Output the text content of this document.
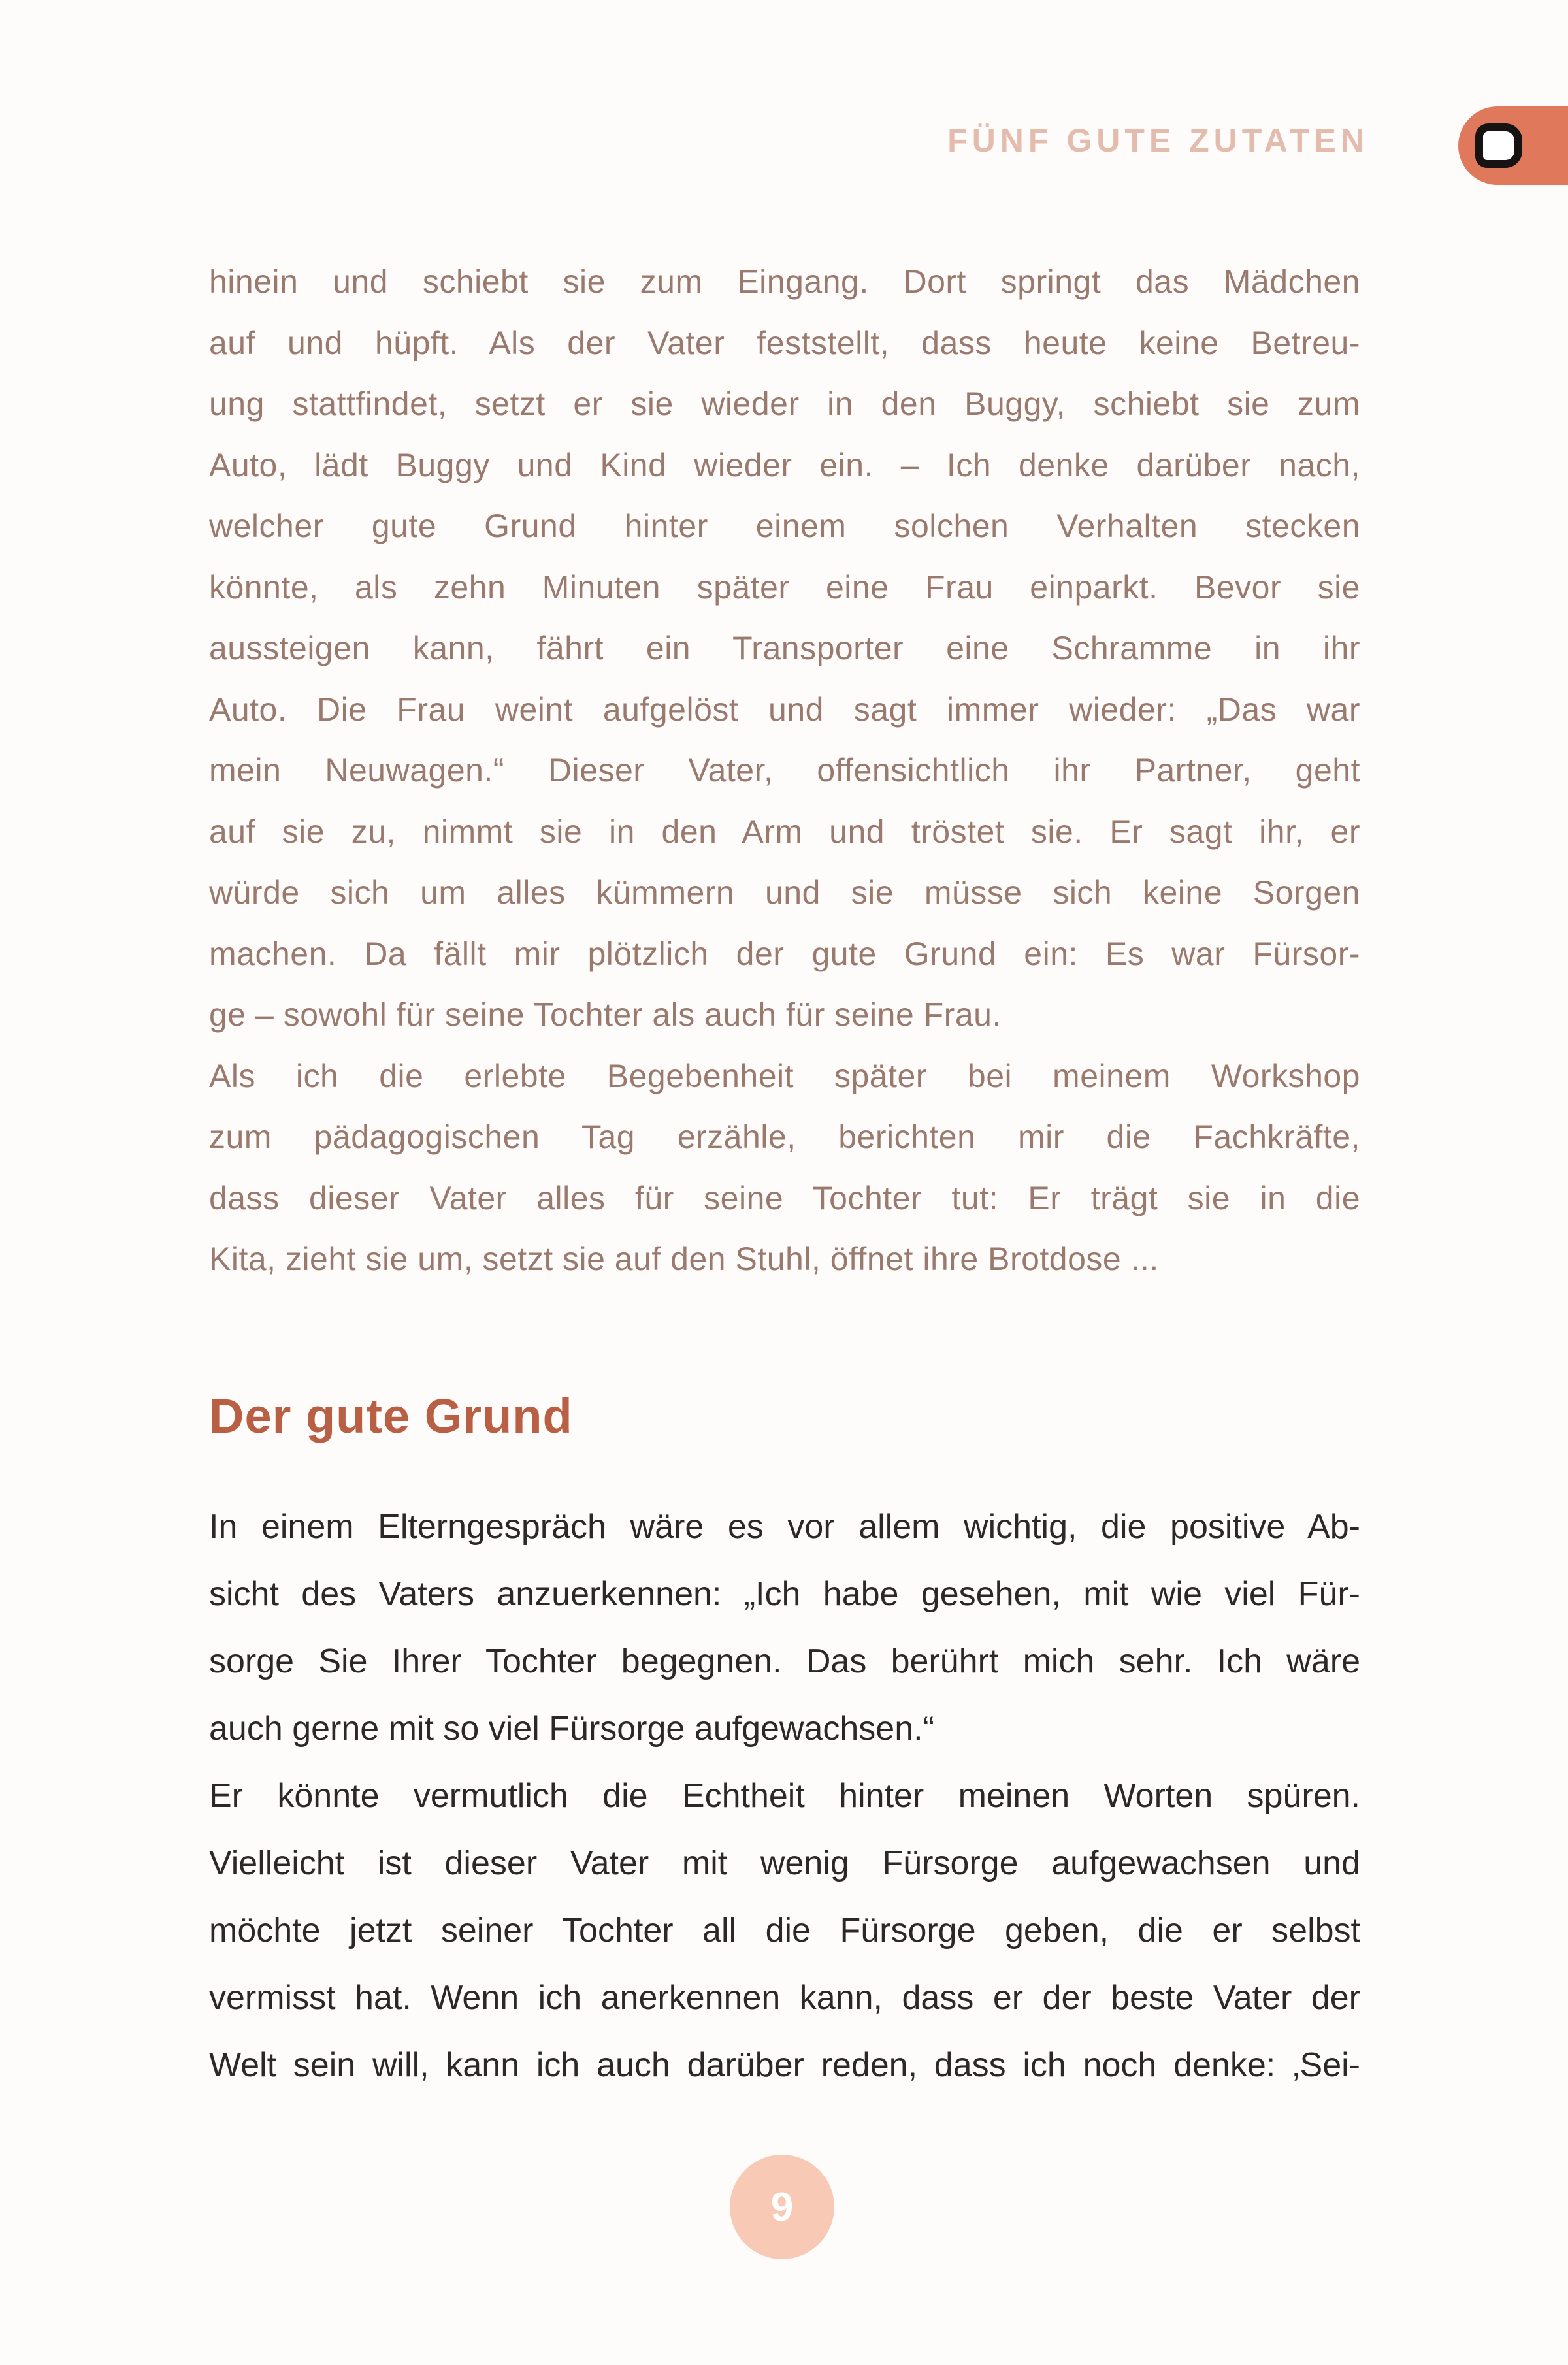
FÜNF GUTE ZUTATEN
hinein und schiebt sie zum Eingang. Dort springt das Mädchen
auf und hüpft. Als der Vater feststellt, dass heute keine Betreu-
ung stattfindet, setzt er sie wieder in den Buggy, schiebt sie zum
Auto, lädt Buggy und Kind wieder ein. – Ich denke darüber nach,
welcher gute Grund hinter einem solchen Verhalten stecken
könnte, als zehn Minuten später eine Frau einparkt. Bevor sie
aussteigen kann, fährt ein Transporter eine Schramme in ihr
Auto. Die Frau weint aufgelöst und sagt immer wieder: „Das war
mein Neuwagen.“ Dieser Vater, offensichtlich ihr Partner, geht
auf sie zu, nimmt sie in den Arm und tröstet sie. Er sagt ihr, er
würde sich um alles kümmern und sie müsse sich keine Sorgen
machen. Da fällt mir plötzlich der gute Grund ein: Es war Fürsor-
ge – sowohl für seine Tochter als auch für seine Frau.
Als ich die erlebte Begebenheit später bei meinem Workshop
zum pädagogischen Tag erzähle, berichten mir die Fachkräfte,
dass dieser Vater alles für seine Tochter tut: Er trägt sie in die
Kita, zieht sie um, setzt sie auf den Stuhl, öffnet ihre Brotdose ...
Der gute Grund
In einem Elterngespräch wäre es vor allem wichtig, die positive Ab-
sicht des Vaters anzuerkennen: „Ich habe gesehen, mit wie viel Für-
sorge Sie Ihrer Tochter begegnen. Das berührt mich sehr. Ich wäre
auch gerne mit so viel Fürsorge aufgewachsen.“
Er könnte vermutlich die Echtheit hinter meinen Worten spüren.
Vielleicht ist dieser Vater mit wenig Fürsorge aufgewachsen und
möchte jetzt seiner Tochter all die Fürsorge geben, die er selbst
vermisst hat. Wenn ich anerkennen kann, dass er der beste Vater der
Welt sein will, kann ich auch darüber reden, dass ich noch denke: ‚Sei-
9
